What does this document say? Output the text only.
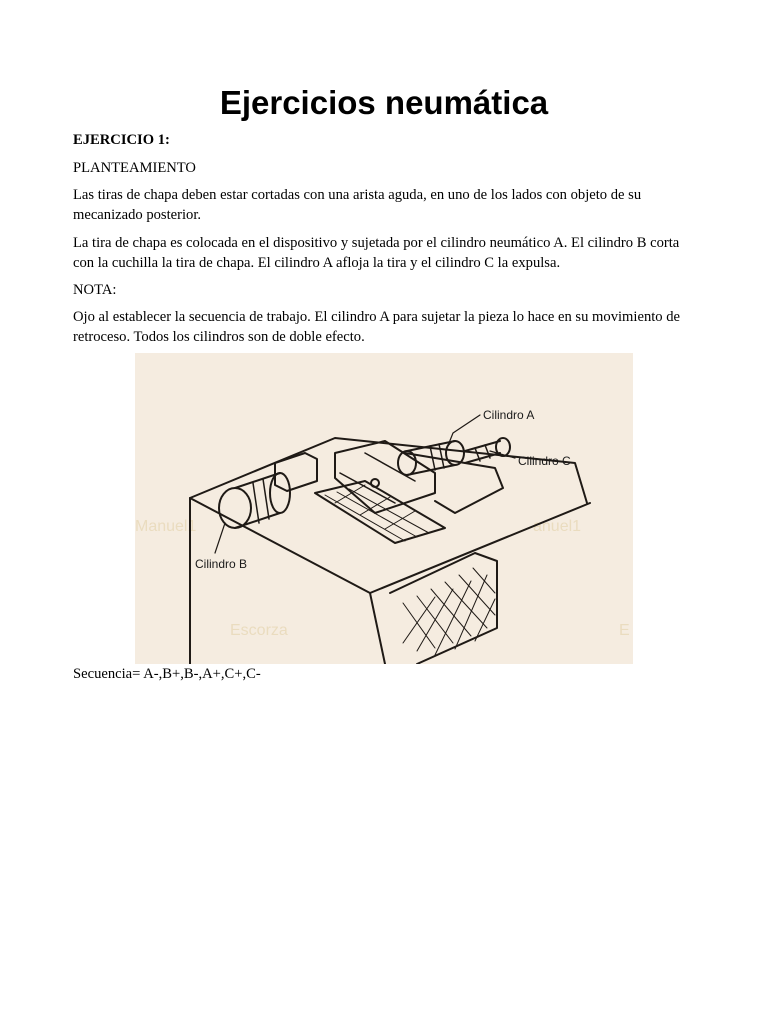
Ejercicios neumática

EJERCICIO 1:

PLANTEAMIENTO

Las tiras de chapa deben estar cortadas con una arista aguda, en uno de los lados con objeto de su mecanizado posterior.

La tira de chapa es colocada en el dispositivo y sujetada por el cilindro neumático A. El cilindro B corta con la cuchilla la tira de chapa. El cilindro A afloja la tira y el cilindro C la expulsa.

NOTA:

Ojo al establecer la secuencia de trabajo. El cilindro A para sujetar la pieza lo hace en su movimiento de retroceso. Todos los cilindros son de doble efecto.

Manuel1	anuel1
Escorza	E
Cilindro A
Cilindro C
Cilindro B

Secuencia= A-,B+,B-,A+,C+,C-
